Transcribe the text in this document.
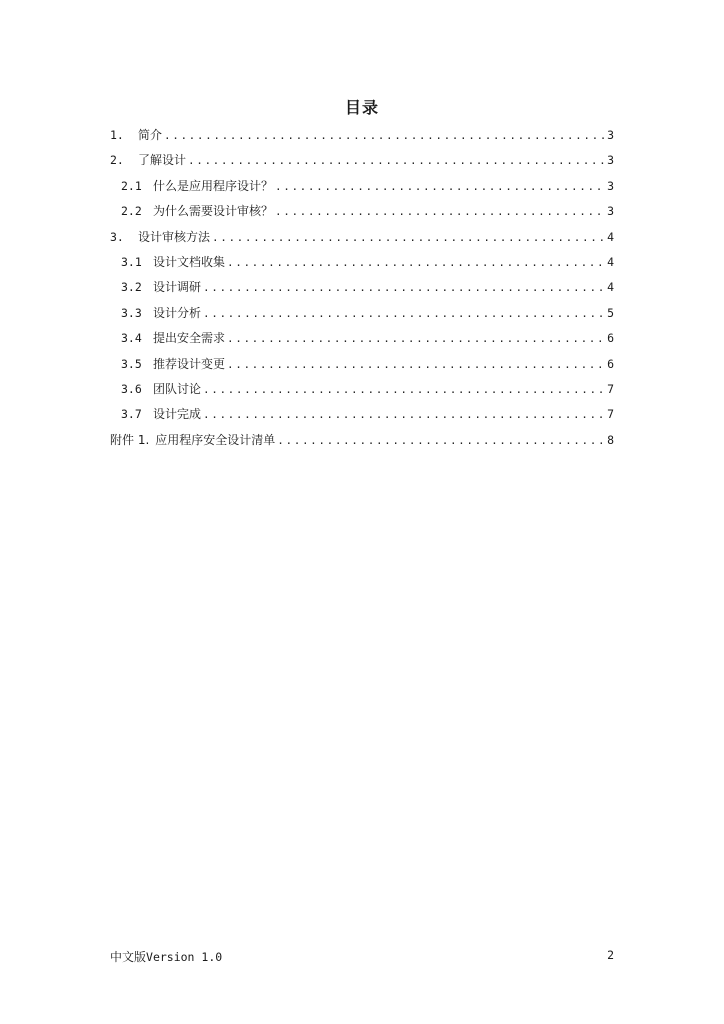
目录
1.	简介 .....	3
2.	了解设计 .....	3
2.1 什么是应用程序设计？ .....	3
2.2 为什么需要设计审核？ .....	3
3.	设计审核方法 .....	4
3.1 设计文档收集 .....	4
3.2 设计调研 .....	4
3.3 设计分析 .....	5
3.4 提出安全需求 .....	6
3.5 推荐设计变更 .....	6
3.6 团队讨论 .....	7
3.7 设计完成 .....	7
附件 1. 应用程序安全设计清单 .....	8
中文版Version 1.0	2
